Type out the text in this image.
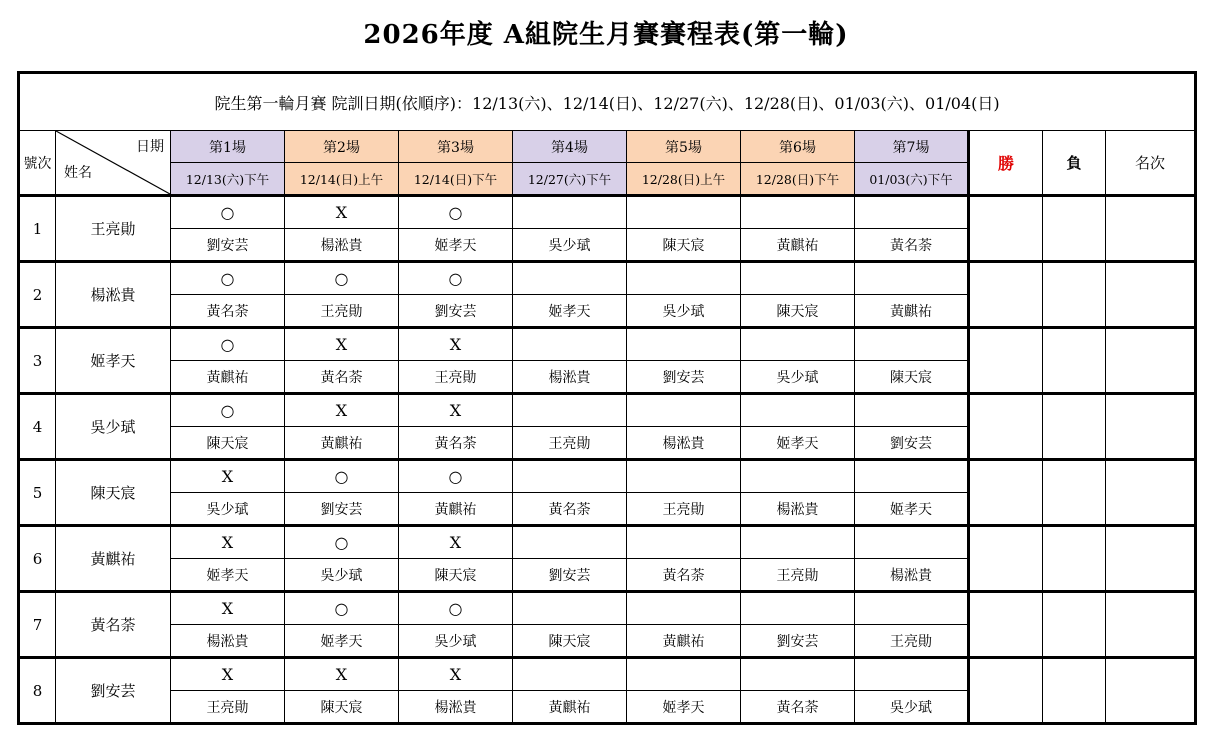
2026年度 A組院生月賽賽程表(第一輪)
院生第一輪月賽 院訓日期(依順序)：12/13(六)、12/14(日)、12/27(六)、12/28(日)、01/03(六)、01/04(日)											
號次	日期
姓名	第1場	第2場	第3場	第4場	第5場	第6場	第7場	勝	負	名次
		12/13(六)下午	12/14(日)上午	12/14(日)下午	12/27(六)下午	12/28(日)上午	12/28(日)下午	01/03(六)下午			
1	王亮勛	○	X	○							
		劉安芸	楊淞貴	姬孝天	吳少珷	陳天宸	黃麒祐	黃名荼			
2	楊淞貴	○	○	○							
		黃名荼	王亮勛	劉安芸	姬孝天	吳少珷	陳天宸	黃麒祐			
3	姬孝天	○	X	X							
		黃麒祐	黃名荼	王亮勛	楊淞貴	劉安芸	吳少珷	陳天宸			
4	吳少珷	○	X	X							
		陳天宸	黃麒祐	黃名荼	王亮勛	楊淞貴	姬孝天	劉安芸			
5	陳天宸	X	○	○							
		吳少珷	劉安芸	黃麒祐	黃名荼	王亮勛	楊淞貴	姬孝天			
6	黃麒祐	X	○	X							
		姬孝天	吳少珷	陳天宸	劉安芸	黃名荼	王亮勛	楊淞貴			
7	黃名荼	X	○	○							
		楊淞貴	姬孝天	吳少珷	陳天宸	黃麒祐	劉安芸	王亮勛			
8	劉安芸	X	X	X							
		王亮勛	陳天宸	楊淞貴	黃麒祐	姬孝天	黃名荼	吳少珷			
